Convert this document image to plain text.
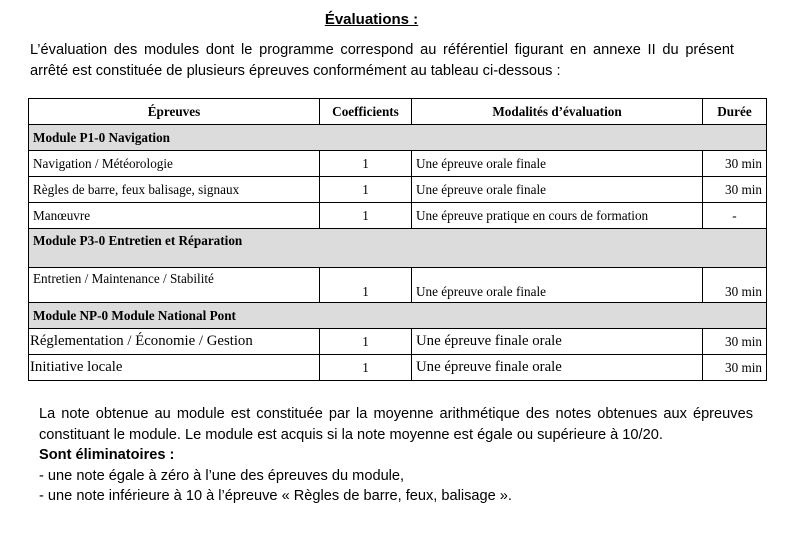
Évaluations :
L’évaluation des modules dont le programme correspond au référentiel figurant en annexe II du présent arrêté est constituée de plusieurs épreuves conformément au tableau ci-dessous :
Épreuves	Coefficients	Modalités d’évaluation	Durée
Module P1-0 Navigation			
Navigation / Météorologie	1	Une épreuve orale finale	30 min
Règles de barre, feux balisage, signaux	1	Une épreuve orale finale	30 min
Manœuvre	1	Une épreuve pratique en cours de formation	-
Module P3-0 Entretien et Réparation			
Entretien / Maintenance / Stabilité	1	Une épreuve orale finale	30 min
Module NP-0 Module National Pont			
Réglementation / Économie / Gestion	1	Une épreuve finale orale	30 min
Initiative locale	1	Une épreuve finale orale	30 min
La note obtenue au module est constituée par la moyenne arithmétique des notes obtenues aux épreuves constituant le module. Le module est acquis si la note moyenne est égale ou supérieure à 10/20.
Sont éliminatoires :
- une note égale à zéro à l’une des épreuves du module,
- une note inférieure à 10 à l’épreuve « Règles de barre, feux, balisage ».
